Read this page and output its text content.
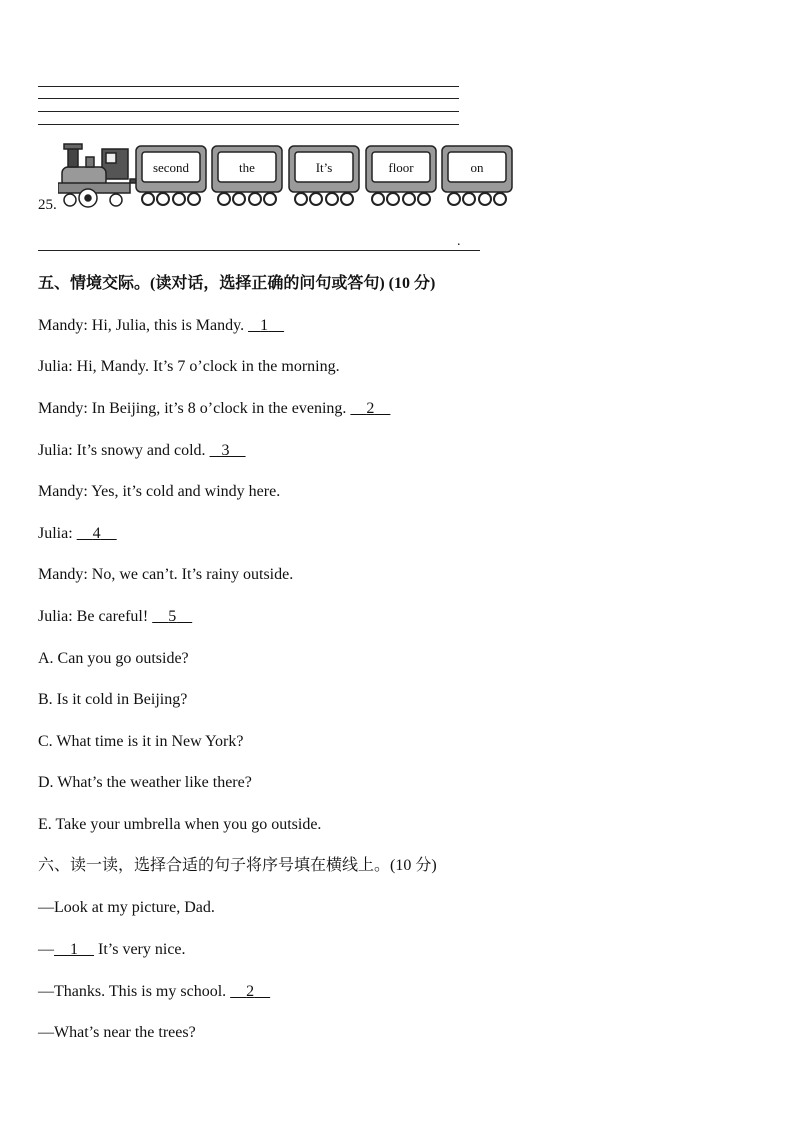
25.
second	the	It’s	floor	on
.
五、情境交际。(读对话，选择正确的问句或答句) (10 分)
Mandy: Hi, Julia, this is Mandy. 1
Julia: Hi, Mandy. It’s 7 o’clock in the morning.
Mandy: In Beijing, it’s 8 o’clock in the evening. 2
Julia: It’s snowy and cold. 3
Mandy: Yes, it’s cold and windy here.
Julia: 4
Mandy: No, we can’t. It’s rainy outside.
Julia: Be careful! 5
A. Can you go outside?
B. Is it cold in Beijing?
C. What time is it in New York?
D. What’s the weather like there?
E. Take your umbrella when you go outside.
六、读一读，选择合适的句子将序号填在横线上。(10 分)
—Look at my picture, Dad.
— 1 It’s very nice.
—Thanks. This is my school. 2
—What’s near the trees?
